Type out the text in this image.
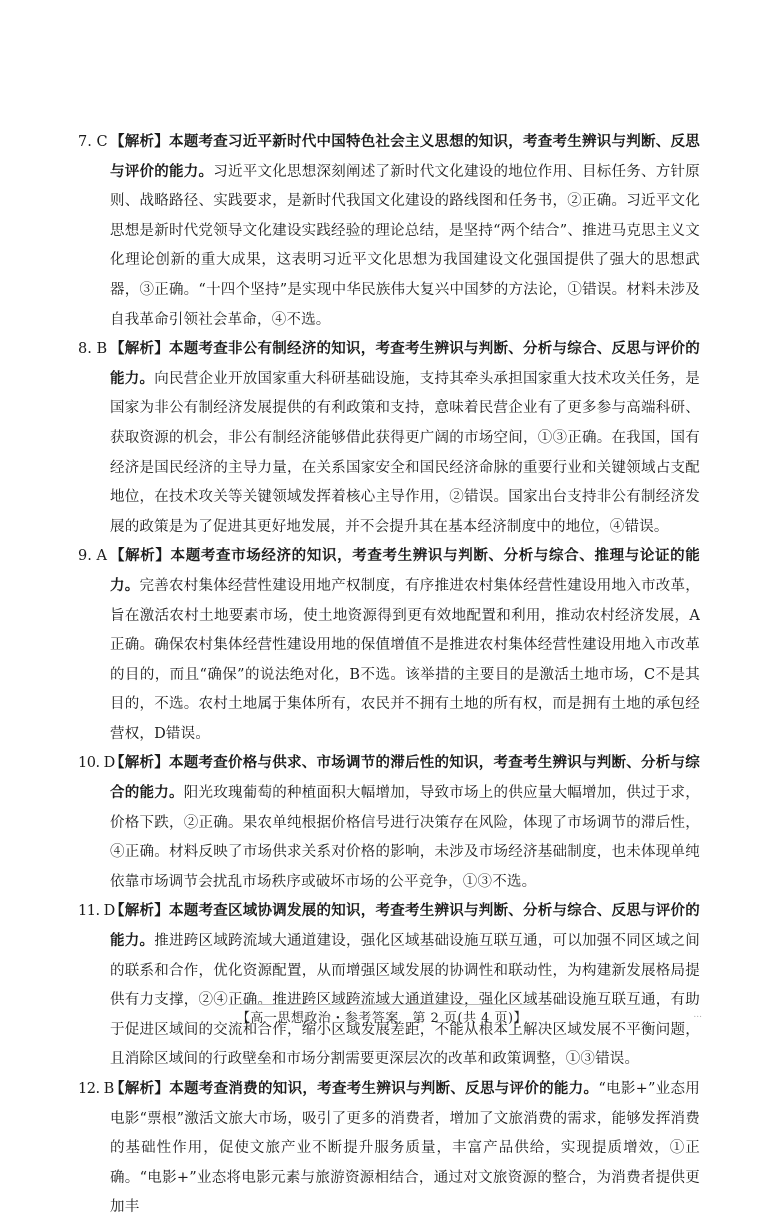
7. C 【解析】本题考查习近平新时代中国特色社会主义思想的知识，考查考生辨识与判断、反思与评价的能力。习近平文化思想深刻阐述了新时代文化建设的地位作用、目标任务、方针原则、战略路径、实践要求，是新时代我国文化建设的路线图和任务书，②正确。习近平文化思想是新时代党领导文化建设实践经验的理论总结，是坚持“两个结合”、推进马克思主义文化理论创新的重大成果，这表明习近平文化思想为我国建设文化强国提供了强大的思想武器，③正确。“十四个坚持”是实现中华民族伟大复兴中国梦的方法论，①错误。材料未涉及自我革命引领社会革命，④不选。

8. B 【解析】本题考查非公有制经济的知识，考查考生辨识与判断、分析与综合、反思与评价的能力。向民营企业开放国家重大科研基础设施，支持其牵头承担国家重大技术攻关任务，是国家为非公有制经济发展提供的有利政策和支持，意味着民营企业有了更多参与高端科研、获取资源的机会，非公有制经济能够借此获得更广阔的市场空间，①③正确。在我国，国有经济是国民经济的主导力量，在关系国家安全和国民经济命脉的重要行业和关键领域占支配地位，在技术攻关等关键领域发挥着核心主导作用，②错误。国家出台支持非公有制经济发展的政策是为了促进其更好地发展，并不会提升其在基本经济制度中的地位，④错误。

9. A 【解析】本题考查市场经济的知识，考查考生辨识与判断、分析与综合、推理与论证的能力。完善农村集体经营性建设用地产权制度，有序推进农村集体经营性建设用地入市改革，旨在激活农村土地要素市场，使土地资源得到更有效地配置和利用，推动农村经济发展，A正确。确保农村集体经营性建设用地的保值增值不是推进农村集体经营性建设用地入市改革的目的，而且“确保”的说法绝对化，B不选。该举措的主要目的是激活土地市场，C不是其目的，不选。农村土地属于集体所有，农民并不拥有土地的所有权，而是拥有土地的承包经营权，D错误。

10. D

【解析】本题考查价格与供求、市场调节的滞后性的知识，考查考生辨识与判断、分析与综合的能力。阳光玫瑰葡萄的种植面积大幅增加，导致市场上的供应量大幅增加，供过于求，价格下跌，②正确。果农单纯根据价格信号进行决策存在风险，体现了市场调节的滞后性，④正确。材料反映了市场供求关系对价格的影响，未涉及市场经济基础制度，也未体现单纯依靠市场调节会扰乱市场秩序或破坏市场的公平竞争，①③不选。

11. D

【解析】本题考查区域协调发展的知识，考查考生辨识与判断、分析与综合、反思与评价的能力。推进跨区域跨流域大通道建设，强化区域基础设施互联互通，可以加强不同区域之间的联系和合作，优化资源配置，从而增强区域发展的协调性和联动性，为构建新发展格局提供有力支撑，②④正确。推进跨区域跨流域大通道建设，强化区域基础设施互联互通，有助于促进区域间的交流和合作，缩小区域发展差距，不能从根本上解决区域发展不平衡问题，且消除区域间的行政壁垒和市场分割需要更深层次的改革和政策调整，①③错误。

12. B

【解析】本题考查消费的知识，考查考生辨识与判断、反思与评价的能力。“电影+”业态用电影“票根”激活文旅大市场，吸引了更多的消费者，增加了文旅消费的需求，能够发挥消费的基础性作用，促使文旅产业不断提升服务质量，丰富产品供给，实现提质增效，①正确。“电影+”业态将电影元素与旅游资源相结合，通过对文旅资源的整合，为消费者提供更加丰

【高一思想政治・参考答案　第 2 页(共 4 页)】	...
